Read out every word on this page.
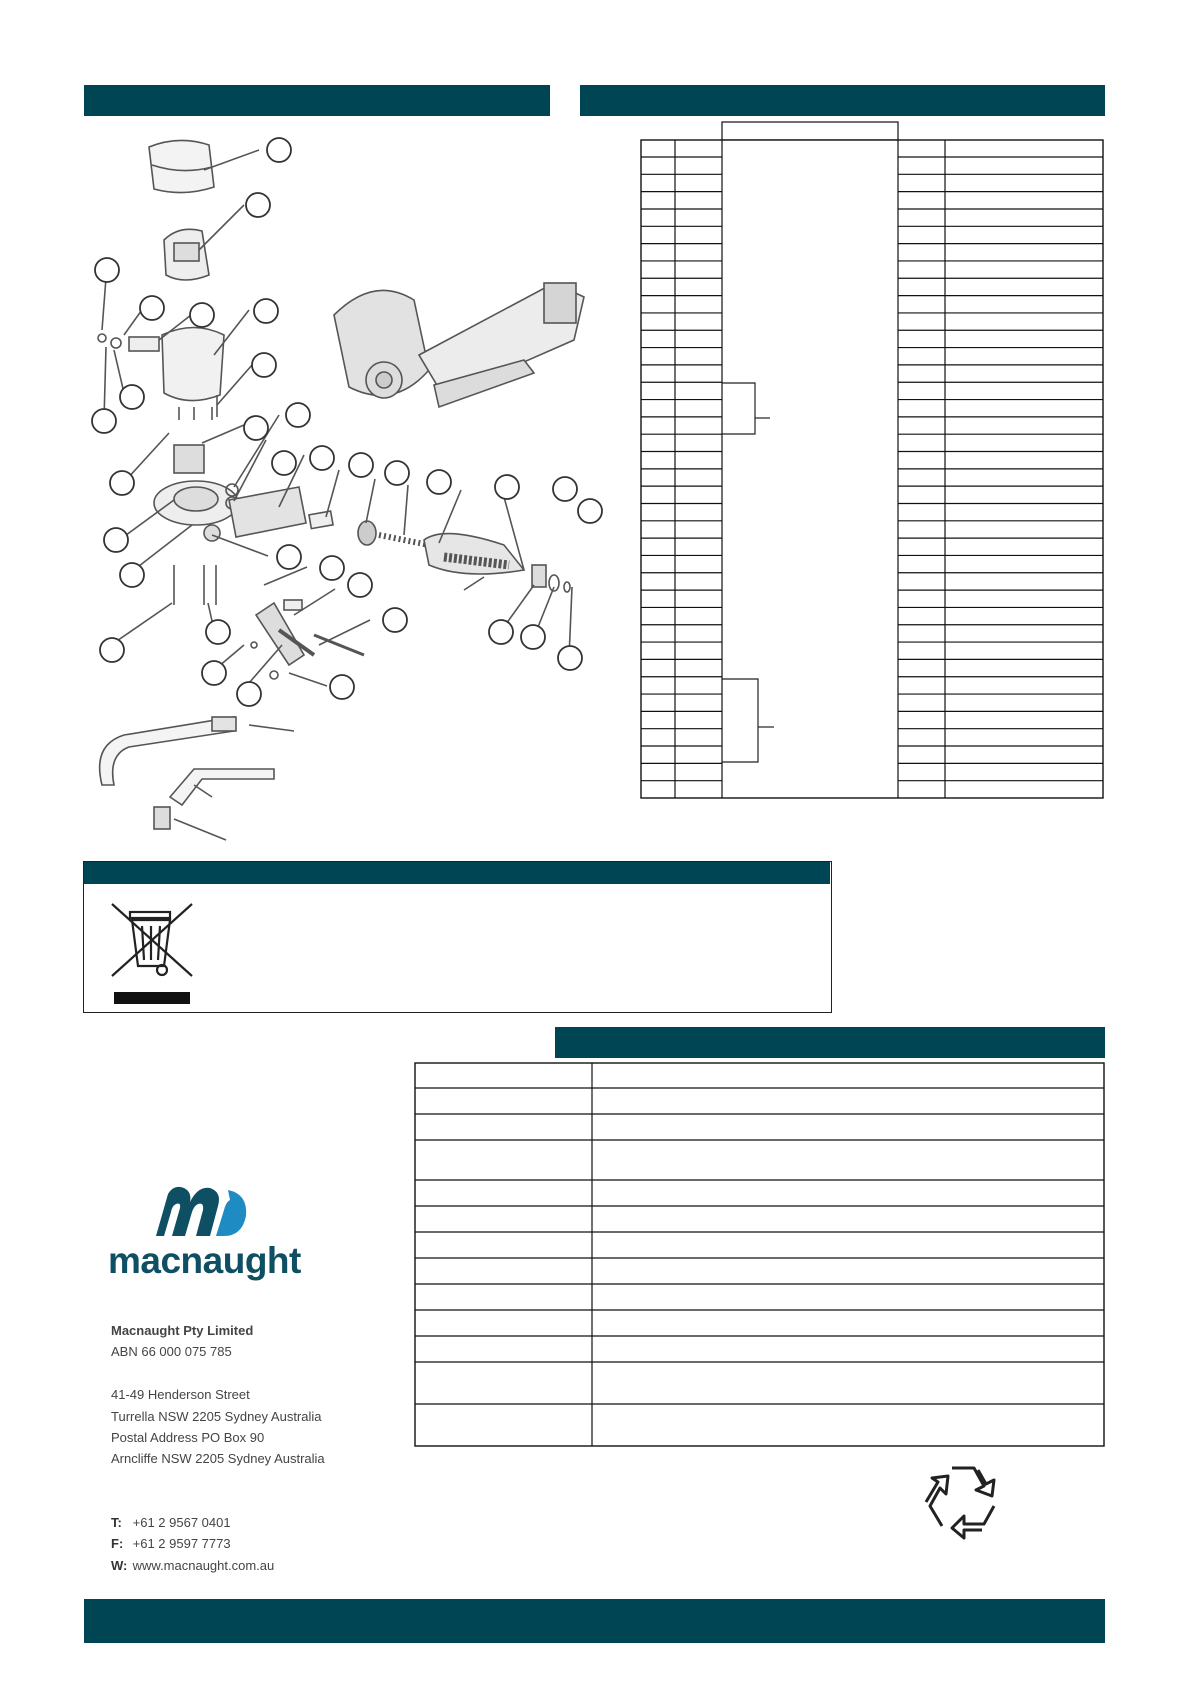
macnaught
Macnaught Pty Limited
ABN 66 000 075 785
41-49 Henderson Street
Turrella NSW 2205 Sydney Australia
Postal Address PO Box 90
Arncliffe NSW 2205 Sydney Australia
T: +61 2 9567 0401
F: +61 2 9597 7773
W: www.macnaught.com.au
